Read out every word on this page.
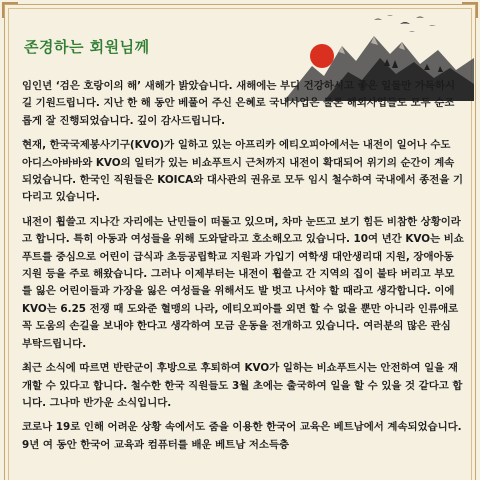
존경하는 회원님께

임인년 ‘검은 호랑이의 해’ 새해가 밝았습니다. 새해에는 부디 건강하시고 좋은 일들만 가득하시길 기원드립니다. 지난 한 해 동안 베풀어 주신 은혜로 국내사업은 물론 해외사업들도 모두 순조롭게 잘 진행되었습니다. 깊이 감사드립니다.

현재, 한국국제봉사기구(KVO)가 일하고 있는 아프리카 에티오피아에서는 내전이 일어나 수도 아디스아바바와 KVO의 일터가 있는 비쇼푸트시 근처까지 내전이 확대되어 위기의 순간이 계속되었습니다. 한국인 직원들은 KOICA와 대사관의 권유로 모두 임시 철수하여 국내에서 종전을 기다리고 있습니다.

내전이 휩쓸고 지나간 자리에는 난민들이 떠돌고 있으며, 차마 눈뜨고 보기 힘든 비참한 상황이라고 합니다. 특히 아동과 여성들을 위해 도와달라고 호소해오고 있습니다. 10여 년간 KVO는 비쇼푸트를 중심으로 어린이 급식과 초등공립학교 지원과 가입기 여학생 대안생리대 지원, 장애아동 지원 등을 주로 해왔습니다. 그러나 이제부터는 내전이 휩쓸고 간 지역의 집이 불타 버리고 부모를 잃은 어린이들과 가장을 잃은 여성들을 위해서도 발 벗고 나서야 할 때라고 생각합니다. 이에 KVO는 6.25 전쟁 때 도와준 혈맹의 나라, 에티오피아를 외면 할 수 없을 뿐만 아니라 인류애로 꼭 도움의 손길을 보내야 한다고 생각하여 모금 운동을 전개하고 있습니다. 여러분의 많은 관심 부탁드립니다.

최근 소식에 따르면 반란군이 후방으로 후퇴하여 KVO가 일하는 비쇼푸트시는 안전하여 일을 재개할 수 있다고 합니다. 철수한 한국 직원들도 3월 초에는 출국하여 일을 할 수 있을 것 같다고 합니다. 그나마 반가운 소식입니다.

코로나 19로 인해 어려운 상황 속에서도 줌을 이용한 한국어 교육은 베트남에서 계속되었습니다. 9년 여 동안 한국어 교육과 컴퓨터를 배운 베트남 저소득층
